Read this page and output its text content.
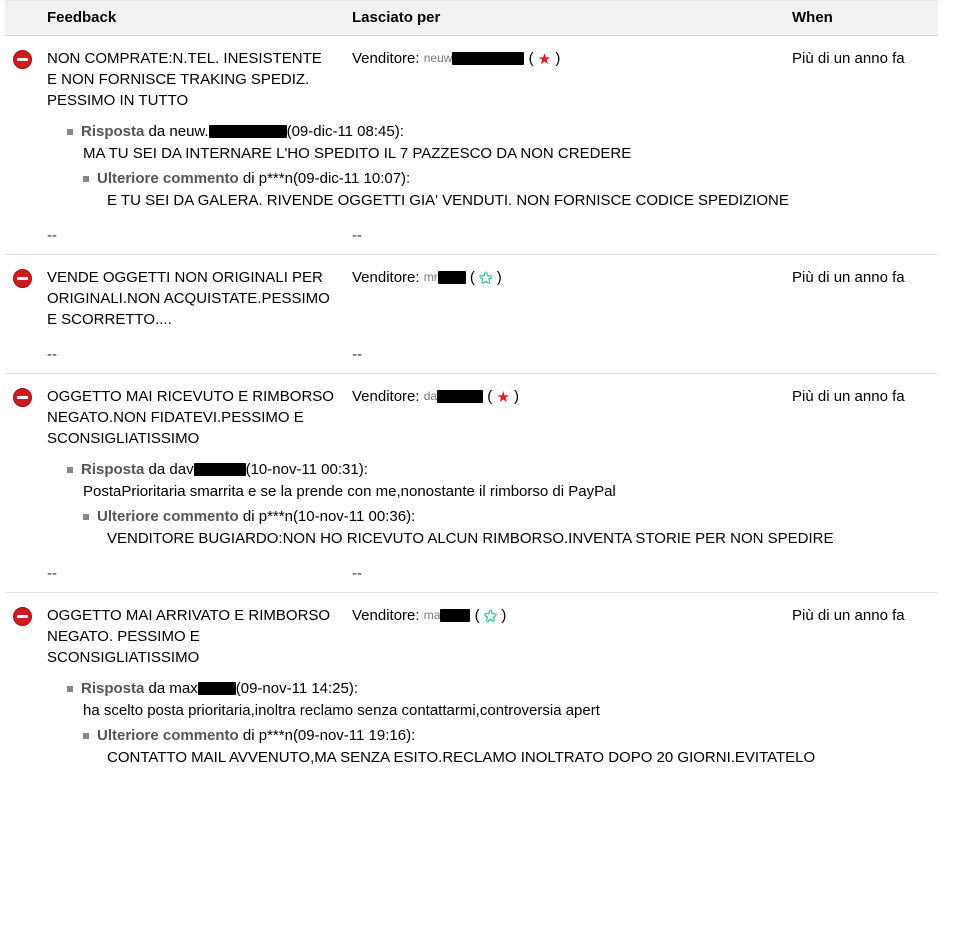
	Feedback	Lasciato per	When
	NON COMPRATE:N.TEL. INESISTENTE E NON FORNISCE TRAKING SPEDIZ. PESSIMO IN TUTTO	Venditore: neuw ( ★ )	Più di un anno fa

Risposta da neuw. (09-dic-11 08:45):
MA TU SEI DA INTERNARE L'HO SPEDITO IL 7 PAZZESCO DA NON CREDERE
Ulteriore commento di p***n(09-dic-11 10:07):
E TU SEI DA GALERA. RIVENDE OGGETTI GIA' VENDUTI. NON FORNISCE CODICE SPEDIZIONE			

	--	--	

	VENDE OGGETTI NON ORIGINALI PER ORIGINALI.NON ACQUISTATE.PESSIMO E SCORRETTO....	Venditore: mr ( ★ )	Più di un anno fa
	--	--	

	OGGETTO MAI RICEVUTO E RIMBORSO NEGATO.NON FIDATEVI.PESSIMO E SCONSIGLIATISSIMO	Venditore: da ( ★ )	Più di un anno fa

Risposta da dav (10-nov-11 00:31):
PostaPrioritaria smarrita e se la prende con me,nonostante il rimborso di PayPal
Ulteriore commento di p***n(10-nov-11 00:36):
VENDITORE BUGIARDO:NON HO RICEVUTO ALCUN RIMBORSO.INVENTA STORIE PER NON SPEDIRE			

	--	--	

	OGGETTO MAI ARRIVATO E RIMBORSO NEGATO. PESSIMO E SCONSIGLIATISSIMO	Venditore: ma ( ★ )	Più di un anno fa

Risposta da max (09-nov-11 14:25):
ha scelto posta prioritaria,inoltra reclamo senza contattarmi,controversia apert
Ulteriore commento di p***n(09-nov-11 19:16):
CONTATTO MAIL AVVENUTO,MA SENZA ESITO.RECLAMO INOLTRATO DOPO 20 GIORNI.EVITATELO			
